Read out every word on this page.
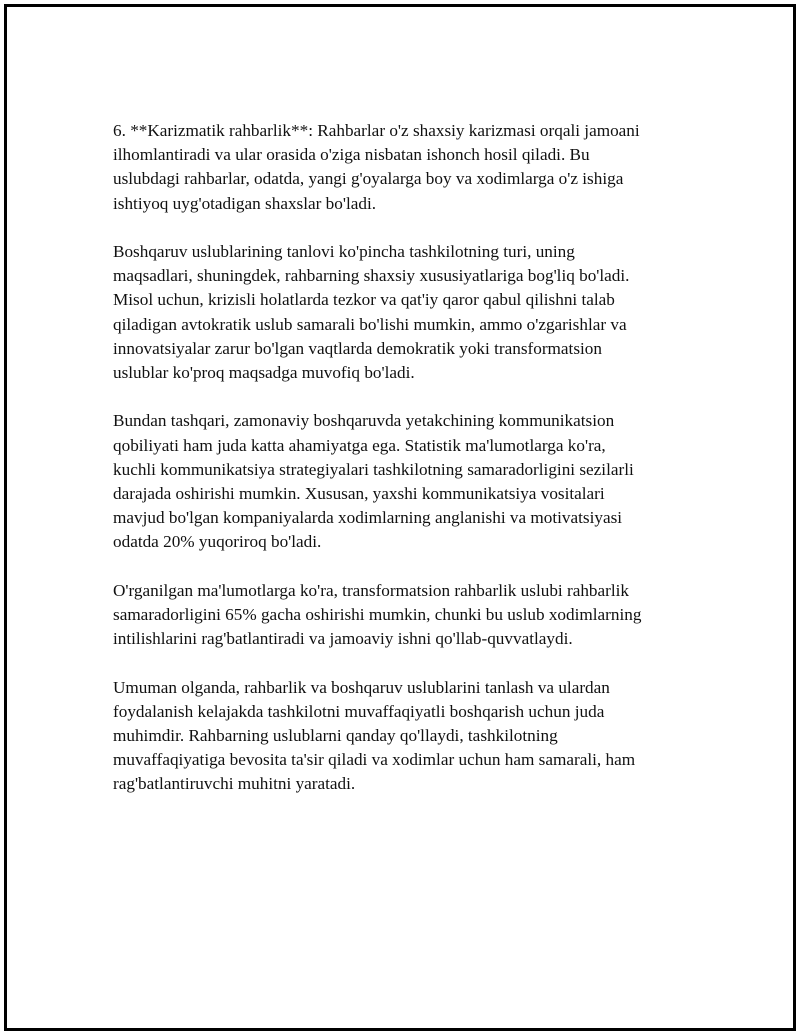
6. **Karizmatik rahbarlik**: Rahbarlar o'z shaxsiy karizmasi orqali jamoani
ilhomlantiradi va ular orasida o'ziga nisbatan ishonch hosil qiladi. Bu
uslubdagi rahbarlar, odatda, yangi g'oyalarga boy va xodimlarga o'z ishiga
ishtiyoq uyg'otadigan shaxslar bo'ladi.

Boshqaruv uslublarining tanlovi ko'pincha tashkilotning turi, uning
maqsadlari, shuningdek, rahbarning shaxsiy xususiyatlariga bog'liq bo'ladi.
Misol uchun, krizisli holatlarda tezkor va qat'iy qaror qabul qilishni talab
qiladigan avtokratik uslub samarali bo'lishi mumkin, ammo o'zgarishlar va
innovatsiyalar zarur bo'lgan vaqtlarda demokratik yoki transformatsion
uslublar ko'proq maqsadga muvofiq bo'ladi.

Bundan tashqari, zamonaviy boshqaruvda yetakchining kommunikatsion
qobiliyati ham juda katta ahamiyatga ega. Statistik ma'lumotlarga ko'ra,
kuchli kommunikatsiya strategiyalari tashkilotning samaradorligini sezilarli
darajada oshirishi mumkin. Xususan, yaxshi kommunikatsiya vositalari
mavjud bo'lgan kompaniyalarda xodimlarning anglanishi va motivatsiyasi
odatda 20% yuqoriroq bo'ladi.

O'rganilgan ma'lumotlarga ko'ra, transformatsion rahbarlik uslubi rahbarlik
samaradorligini 65% gacha oshirishi mumkin, chunki bu uslub xodimlarning
intilishlarini rag'batlantiradi va jamoaviy ishni qo'llab-quvvatlaydi.

Umuman olganda, rahbarlik va boshqaruv uslublarini tanlash va ulardan
foydalanish kelajakda tashkilotni muvaffaqiyatli boshqarish uchun juda
muhimdir. Rahbarning uslublarni qanday qo'llaydi, tashkilotning
muvaffaqiyatiga bevosita ta'sir qiladi va xodimlar uchun ham samarali, ham
rag'batlantiruvchi muhitni yaratadi.
